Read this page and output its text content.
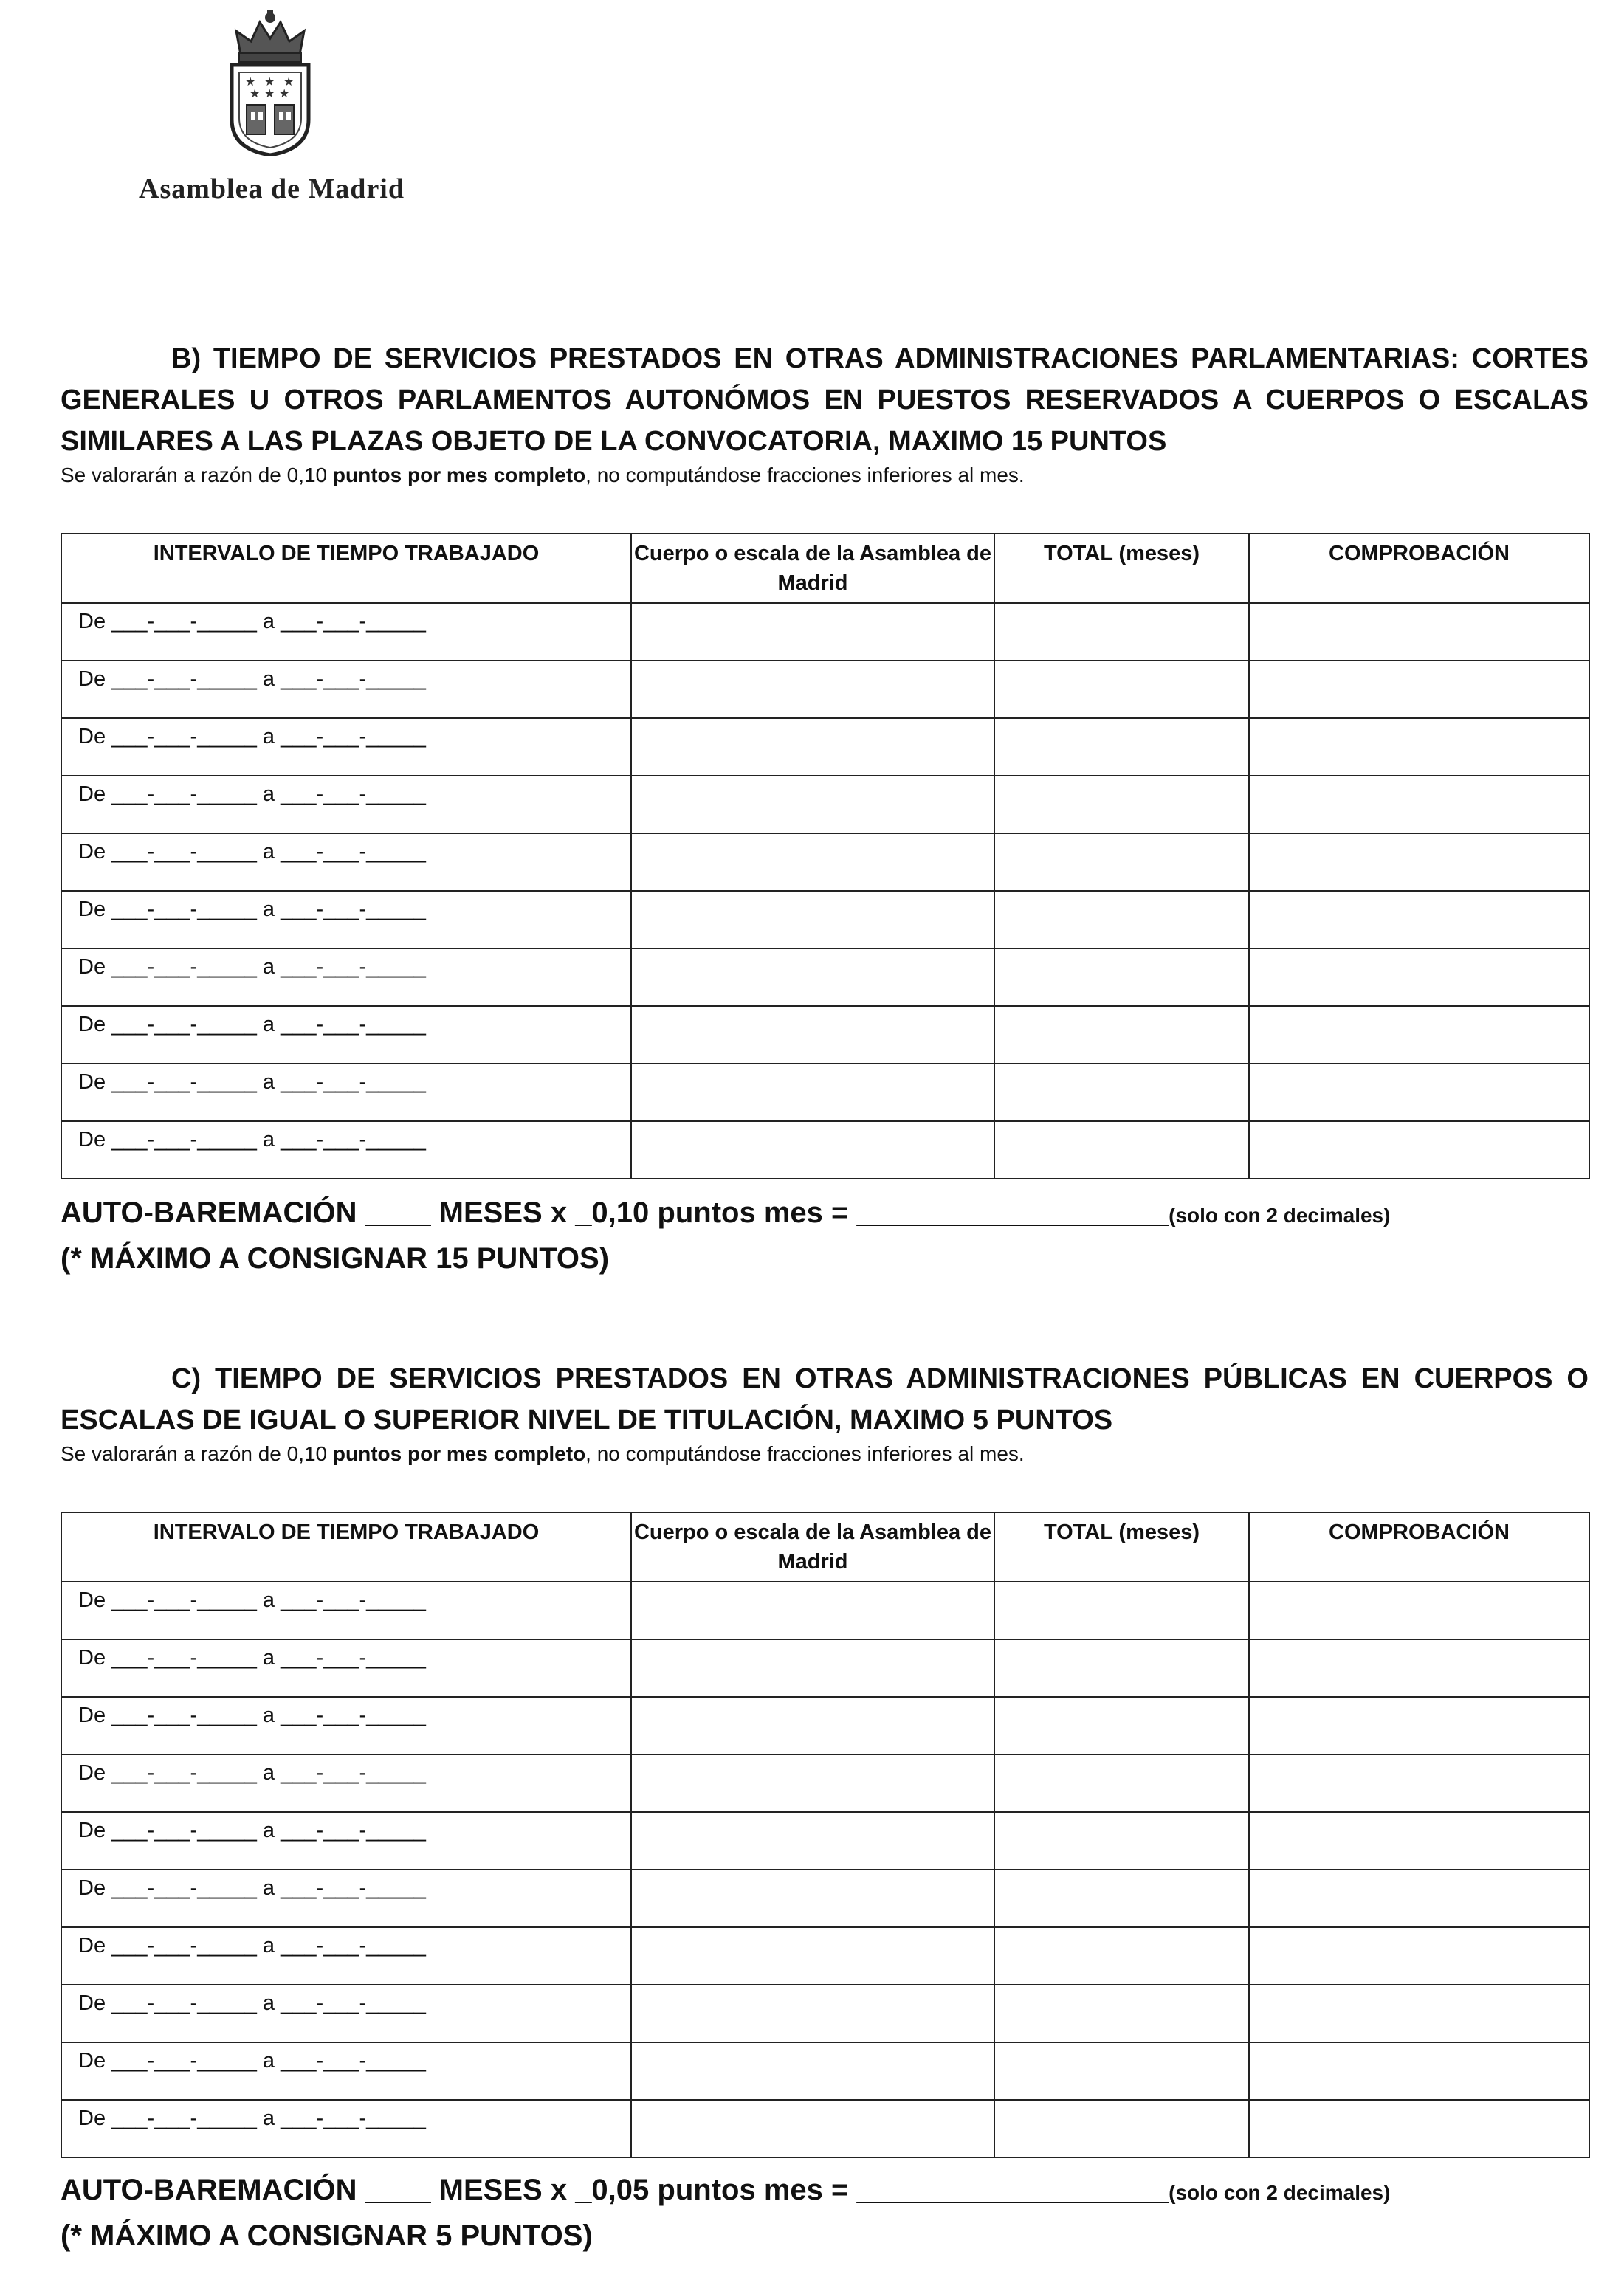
★ ★ ★
★ ★ ★
Asamblea de Madrid

B) TIEMPO DE SERVICIOS PRESTADOS EN OTRAS ADMINISTRACIONES PARLAMENTARIAS: CORTES GENERALES U OTROS PARLAMENTOS AUTONÓMOS EN PUESTOS RESERVADOS A CUERPOS O ESCALAS SIMILARES A LAS PLAZAS OBJETO DE LA CONVOCATORIA, MAXIMO 15 PUNTOS

Se valorarán a razón de 0,10 puntos por mes completo, no computándose fracciones inferiores al mes.

INTERVALO DE TIEMPO TRABAJADO	Cuerpo o escala de la Asamblea de Madrid	TOTAL (meses)	COMPROBACIÓN
De ___-___-_____ a ___-___-_____			
De ___-___-_____ a ___-___-_____			
De ___-___-_____ a ___-___-_____			
De ___-___-_____ a ___-___-_____			
De ___-___-_____ a ___-___-_____			
De ___-___-_____ a ___-___-_____			
De ___-___-_____ a ___-___-_____			
De ___-___-_____ a ___-___-_____			
De ___-___-_____ a ___-___-_____			
De ___-___-_____ a ___-___-_____			
AUTO-BAREMACIÓN ____ MESES x _0,10 puntos mes = ___________________(solo con 2 decimales)
(* MÁXIMO A CONSIGNAR 15 PUNTOS)

C) TIEMPO DE SERVICIOS PRESTADOS EN OTRAS ADMINISTRACIONES PÚBLICAS EN CUERPOS O ESCALAS DE IGUAL O SUPERIOR NIVEL DE TITULACIÓN, MAXIMO 5 PUNTOS

Se valorarán a razón de 0,10 puntos por mes completo, no computándose fracciones inferiores al mes.

INTERVALO DE TIEMPO TRABAJADO	Cuerpo o escala de la Asamblea de Madrid	TOTAL (meses)	COMPROBACIÓN
De ___-___-_____ a ___-___-_____			
De ___-___-_____ a ___-___-_____			
De ___-___-_____ a ___-___-_____			
De ___-___-_____ a ___-___-_____			
De ___-___-_____ a ___-___-_____			
De ___-___-_____ a ___-___-_____			
De ___-___-_____ a ___-___-_____			
De ___-___-_____ a ___-___-_____			
De ___-___-_____ a ___-___-_____			
De ___-___-_____ a ___-___-_____			
AUTO-BAREMACIÓN ____ MESES x _0,05 puntos mes = ___________________(solo con 2 decimales)
(* MÁXIMO A CONSIGNAR 5 PUNTOS)
